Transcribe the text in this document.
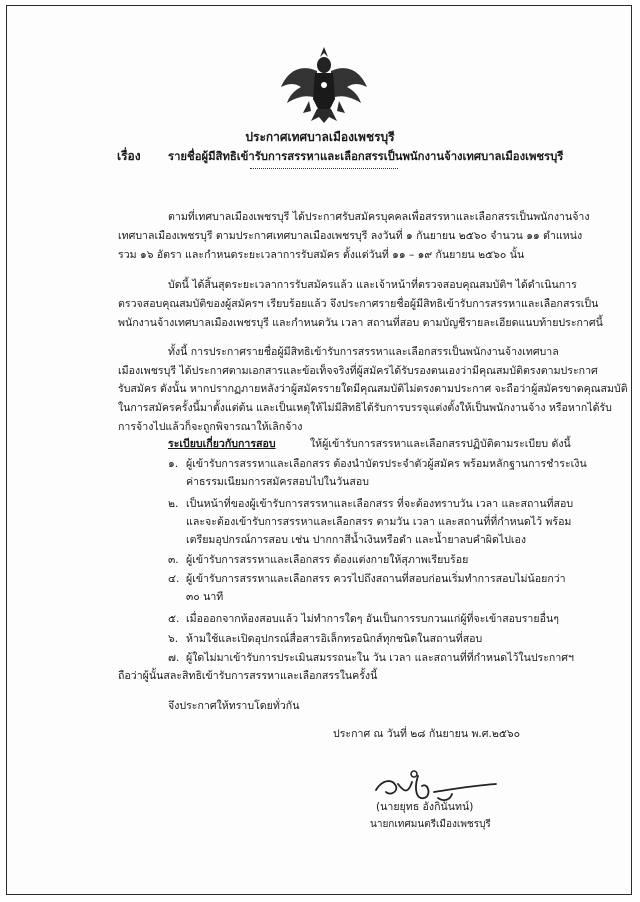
ประกาศเทศบาลเมืองเพชรบุรี
เรื่อง รายชื่อผู้มีสิทธิเข้ารับการสรรหาและเลือกสรรเป็นพนักงานจ้างเทศบาลเมืองเพชรบุรี
ตามที่เทศบาลเมืองเพชรบุรี ได้ประกาศรับสมัครบุคคลเพื่อสรรหาและเลือกสรรเป็นพนักงานจ้าง
เทศบาลเมืองเพชรบุรี ตามประกาศเทศบาลเมืองเพชรบุรี ลงวันที่ ๑ กันยายน ๒๕๖๐ จำนวน ๑๑ ตำแหน่ง
รวม ๑๖ อัตรา และกำหนดระยะเวลาการรับสมัคร ตั้งแต่วันที่ ๑๑ – ๑๙ กันยายน ๒๕๖๐ นั้น
บัดนี้ ได้สิ้นสุดระยะเวลาการรับสมัครแล้ว และเจ้าหน้าที่ตรวจสอบคุณสมบัติฯ ได้ดำเนินการ
ตรวจสอบคุณสมบัติของผู้สมัครฯ เรียบร้อยแล้ว จึงประกาศรายชื่อผู้มีสิทธิเข้ารับการสรรหาและเลือกสรรเป็น
พนักงานจ้างเทศบาลเมืองเพชรบุรี และกำหนดวัน เวลา สถานที่สอบ ตามบัญชีรายละเอียดแนบท้ายประกาศนี้
ทั้งนี้ การประกาศรายชื่อผู้มีสิทธิเข้ารับการสรรหาและเลือกสรรเป็นพนักงานจ้างเทศบาล
เมืองเพชรบุรี ได้ประกาศตามเอกสารและข้อเท็จจริงที่ผู้สมัครได้รับรองตนเองว่ามีคุณสมบัติตรงตามประกาศ
รับสมัคร ดังนั้น หากปรากฏภายหลังว่าผู้สมัครรายใดมีคุณสมบัติไม่ตรงตามประกาศ จะถือว่าผู้สมัครขาดคุณสมบัติ
ในการสมัครครั้งนี้มาตั้งแต่ต้น และเป็นเหตุให้ไม่มีสิทธิได้รับการบรรจุแต่งตั้งให้เป็นพนักงานจ้าง หรือหากได้รับ
การจ้างไปแล้วก็จะถูกพิจารณาให้เลิกจ้าง
ระเบียบเกี่ยวกับการสอบ	ให้ผู้เข้ารับการสรรหาและเลือกสรรปฏิบัติตามระเบียบ ดังนี้
๑. ผู้เข้ารับการสรรหาและเลือกสรร ต้องนำบัตรประจำตัวผู้สมัคร พร้อมหลักฐานการชำระเงิน
ค่าธรรมเนียมการสมัครสอบไปในวันสอบ
๒. เป็นหน้าที่ของผู้เข้ารับการสรรหาและเลือกสรร ที่จะต้องทราบวัน เวลา และสถานที่สอบ
และจะต้องเข้ารับการสรรหาและเลือกสรร ตามวัน เวลา และสถานที่ที่กำหนดไว้ พร้อม
เตรียมอุปกรณ์การสอบ เช่น ปากกาสีน้ำเงินหรือดำ และน้ำยาลบคำผิดไปเอง
๓. ผู้เข้ารับการสรรหาและเลือกสรร ต้องแต่งกายให้สุภาพเรียบร้อย
๔. ผู้เข้ารับการสรรหาและเลือกสรร ควรไปถึงสถานที่สอบก่อนเริ่มทำการสอบไม่น้อยกว่า
๓๐ นาที
๕. เมื่อออกจากห้องสอบแล้ว ไม่ทำการใดๆ อันเป็นการรบกวนแก่ผู้ที่จะเข้าสอบรายอื่นๆ
๖. ห้ามใช้และเปิดอุปกรณ์สื่อสารอิเล็กทรอนิกส์ทุกชนิดในสถานที่สอบ
๗. ผู้ใดไม่มาเข้ารับการประเมินสมรรถนะใน วัน เวลา และสถานที่ที่กำหนดไว้ในประกาศฯ
ถือว่าผู้นั้นสละสิทธิเข้ารับการสรรหาและเลือกสรรในครั้งนี้
จึงประกาศให้ทราบโดยทั่วกัน
ประกาศ ณ วันที่ ๒๘ กันยายน พ.ศ.๒๕๖๐
(นายยุทธ อังกินันทน์)
นายกเทศมนตรีเมืองเพชรบุรี
